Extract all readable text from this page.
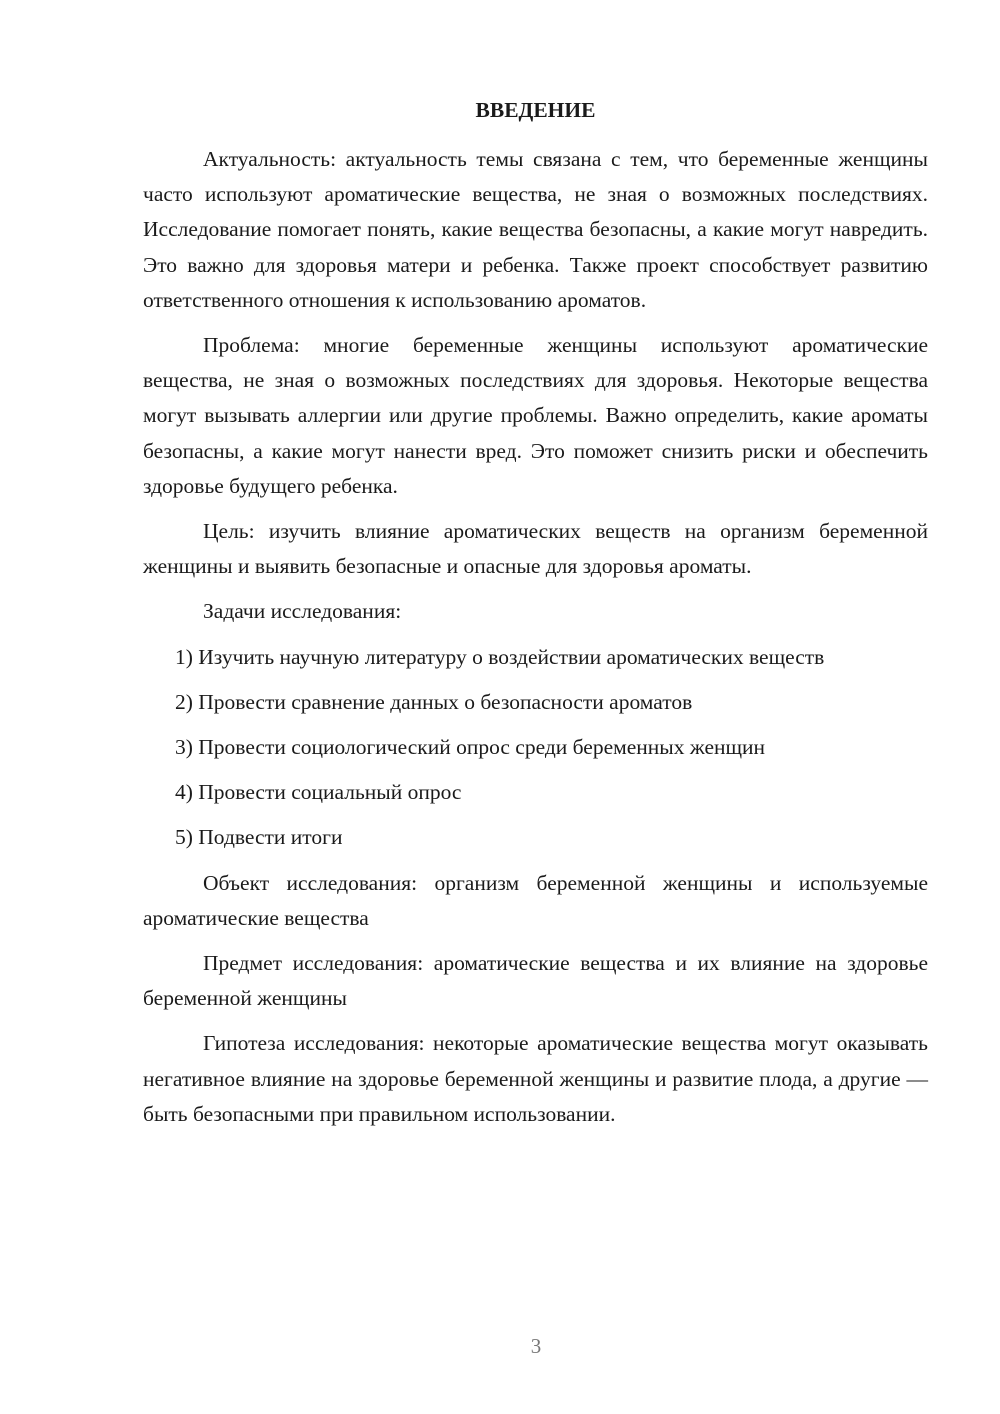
ВВЕДЕНИЕ

Актуальность: актуальность темы связана с тем, что беременные женщины часто используют ароматические вещества, не зная о возможных последствиях. Исследование помогает понять, какие вещества безопасны, а какие могут навредить. Это важно для здоровья матери и ребенка. Также проект способствует развитию ответственного отношения к использованию ароматов.

Проблема: многие беременные женщины используют ароматические вещества, не зная о возможных последствиях для здоровья. Некоторые вещества могут вызывать аллергии или другие проблемы. Важно определить, какие ароматы безопасны, а какие могут нанести вред. Это поможет снизить риски и обеспечить здоровье будущего ребенка.

Цель: изучить влияние ароматических веществ на организм беременной женщины и выявить безопасные и опасные для здоровья ароматы.

Задачи исследования:

1) Изучить научную литературу о воздействии ароматических веществ
2) Провести сравнение данных о безопасности ароматов
3) Провести социологический опрос среди беременных женщин
4) Провести социальный опрос
5) Подвести итоги

Объект исследования: организм беременной женщины и используемые ароматические вещества

Предмет исследования: ароматические вещества и их влияние на здоровье беременной женщины

Гипотеза исследования: некоторые ароматические вещества могут оказывать негативное влияние на здоровье беременной женщины и развитие плода, а другие — быть безопасными при правильном использовании.

3
